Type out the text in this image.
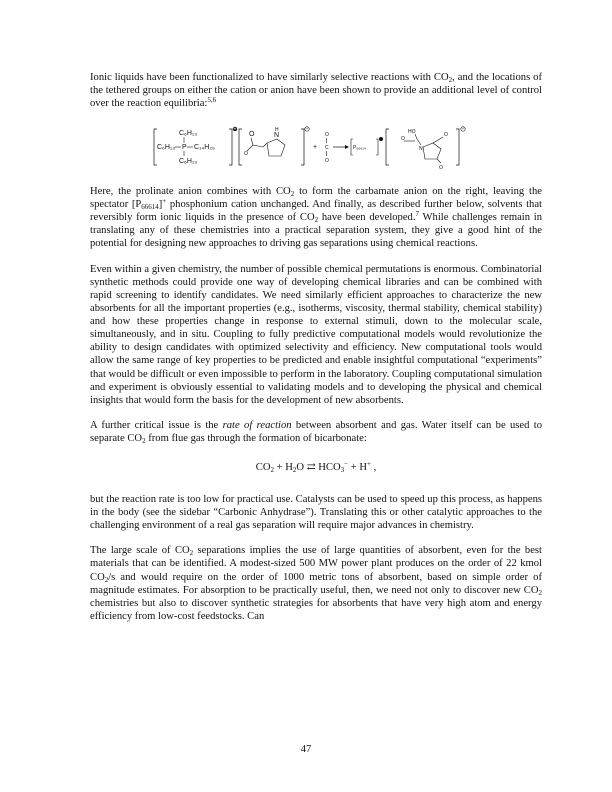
Ionic liquids have been functionalized to have similarly selective reactions with $CO_2$, and the locations of the tethered groups on either the cation or anion have been shown to provide an additional level of control over the reaction equilibria:$^{5,6}$

+
C₆H₁₃
C₆H₁₃ P C₁₄H₂₉
C₆H₁₃
−
O
O
N
H
+
O
C
O
P₆₆₆₁₄
−
HO
O
N
O
O

Here, the prolinate anion combines with $CO_2$ to form the carbamate anion on the right, leaving the spectator $[P_{66614}]^+$ phosphonium cation unchanged. And finally, as described further below, solvents that reversibly form ionic liquids in the presence of $CO_2$ have been developed.$^7$ While challenges remain in translating any of these chemistries into a practical separation system, they give a good hint of the potential for designing new approaches to driving gas separations using chemical reactions.

Even within a given chemistry, the number of possible chemical permutations is enormous. Combinatorial synthetic methods could provide one way of developing chemical libraries and can be combined with rapid screening to identify candidates. We need similarly efficient approaches to characterize the new absorbents for all the important properties (e.g., isotherms, viscosity, thermal stability, chemical stability) and how these properties change in response to external stimuli, down to the molecular scale, simultaneously, and in situ. Coupling to fully predictive computational models would revolutionize the ability to design candidates with optimized selectivity and efficiency. New computational tools would allow the same range of key properties to be predicted and enable insightful computational “experiments” that would be difficult or even impossible to perform in the laboratory. Coupling computational simulation and experiment is obviously essential to validating models and to developing the physical and chemical insights that would form the basis for the development of new absorbents.

A further critical issue is the rate of reaction between absorbent and gas. Water itself can be used to separate $CO_2$ from flue gas through the formation of bicarbonate:

$CO_2 + H_2O$ ⇄ $HCO_3^- + H^+$ ,

but the reaction rate is too low for practical use. Catalysts can be used to speed up this process, as happens in the body (see the sidebar “Carbonic Anhydrase”). Translating this or other catalytic approaches to the challenging environment of a real gas separation will require major advances in chemistry.

The large scale of $CO_2$ separations implies the use of large quantities of absorbent, even for the best materials that can be identified. A modest-sized 500 MW power plant produces on the order of 22 kmol $CO_2/s$ and would require on the order of 1000 metric tons of absorbent, based on simple order of magnitude estimates. For absorption to be practically useful, then, we need not only to discover new $CO_2$ chemistries but also to discover synthetic strategies for absorbents that have very high atom and energy efficiency from low-cost feedstocks. Can

47
